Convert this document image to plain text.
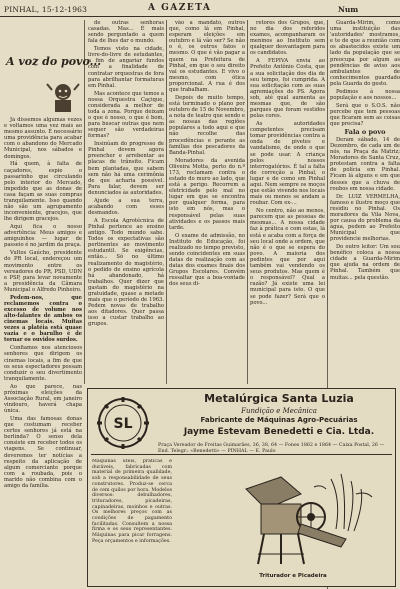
PINHAL, 15-12-1963	A GAZETA	Num
A voz do povo...

Já dissemos algumas vezes e voltamos uma vez mais ao mesmo assunto. É necessário uma providência para acabar com o abandono do Mercado Municipal, nos sábados e domingos.

Há quem, à falta de caçadores, espie o passarinho que circulando pelo interior do Mercado, impedido que as donas de casa façam as suas compras tranquilamente. Isso quando não são um agrupamento inconveniente, gracejos, que lhe dirigem gracejos.

Aqui fica o nosso advertência: Meus amigos e amiguinhos — lugar de passeio é no jardim da praça.

Vultos Gaúcho, presidente do PR local, endereçou um movimento entre os vereadores do PR, PSD, UDN e PSP, para levar novamente a presidência da Câmara Municipal o Alfredo Pinheiro.

Pedem-nos, que reclamemos contra o excesso de volume nos alto-falantes de ambos os cinemas locais. Muitas vezes a platéia está quase vazia e o barulho é de tornar os ouvidos surdos.

Confiamos nos atenciosos senhores que dirigem os cinemas locais, a fim de que os seus espectadores possam conduzir o seu divertimento tranquilamente.

Ao que parece, nas próximas eleições da Associação Rural, em janeiro vindouro, haverá chapa única.

Uma das famosas donas que costumam receber certos senhores já está na berlinda? O senso dela consiste em receber todos os viagens. Se continuar, deveremos ter notícias a respeito da aplicação de algum comerciante porque com a roubada, pois o marido não combina com o amigo da família.

de outras senhoras casadas. Mas... É mais sendo perguntado a quem fala de lhes dar o mundo.

Temos visto na cidade, livre-do-livre de estudantes, a fim de angariar fundos com a finalidade de contratar orquestras de fora para abrilhantar formaturas em Pinhal.

Mas acontece que temos a nossa Orquestra Caçique, considerada a melhor de toda a zona. Porque deixam o que é nosso, o que é bom, para buscar outras que nem sequer são verdadeiras formas?

Insinúam do progresso de Pinhal devem agora preencher e arrebentar as placas de trânsito. Ficam bem plantadas, que sabem sem não há uma cerimônia de que acharia possível. Para falar, devem ser denunciados às autoridades.

Ajude a sua terra, acabando com esses desmandos.

A Escola Agrotécnica de Pinhal pertence ao ensino antigo. Todo mundo sabe. Todos os expectativas são pertinentes ao movimento estudantil. Se exigências, então... Só no último realizamento do magistério, o pedido de ensino agrícola há abandonado, há trabalhos. Quer dizer que gastam do magistério na gratuidade, quase a metade mais que o período de 1963. Pedem novas de trabalho aos ditadores. Quer passa isso a custar trabalho ao grupos.

vão a mandato, outros que, como lá em Pinhal, esperam eleições em outubro e lá vão ser? Se não o é, os outros fatos o mesmo. O que é vão pagar a quem na Prefeitura de Pinhal, em que o seu direito vai os estudantes. E vivo o mesmo, com ótica proporcional. A rua é dos que trabalham.

Depois de muito tempo, está terminado o plano por outubro de 15 de Novembro, a nota de teatro que sendo e as nossas das regiões populares a todo aqui e que não recolhe das procedências e perante as famílias dos pescadores da Banda-Pinhal.

Moradores da avenida Oliveira Motta, perto do n.º 173, reclamam contra o estado do muro ao lado, que está a perigo. Recorrem a eletricidade pelo mal no lugar em que se encontra por qualquer forma, para isto em nós, mas o responsável pelas suas atividades e os passos mais tarde.

O exame de admissão, no Instituto de Educação, foi realizado no tempo previsto, sendo coincidentes em suas datas de realização com as datas dos exames finais dos Grupos Escolares. Convém ressaltar que a boa-vontade dos seus di-

retores dos Grupos, que, no dia dos referidos exames, acompanharam os meninos ao Instituto sem qualquer desvantagem para os candidatos.

A FEPIVA envia ao Prefeito Antônio Costa, que a sua solicitação dos dia de seu tempo, foi cumprida. A sua solicitação com as suas agremiações do PS. Agora sob, até qual aumenta as mesmas que, de são parques que foram vestidos pelas cores.

As autoridades competentes precisam tomar providências contra a onda de pivetes e vandalismo, de onde o que se pode usar. A criança pelos nossos interrogatórios. É tal a falta de correção a Pinhal, o lugar e de como em Pinhal aqui. Nem sempre os moços que estão vivendo nos locais mais ou menos se andam a roubar. Com ex-...

No centro, não ao menos, parecem que as pessoas de mesmas... A nossa cidade faz à prática e com estas, lá está e acaba com a força de seu local onde a ordem, que não é o que se espera do povo. A maioria dos pedintes que por aqui também vai vendendo os seus produtos. Mas quem é o responsável? Qual a razão? Já existe uma lei municipal para isto. O que se pode fazer? Será que o povo...

Guarda-Mirim, como uma instituição das 'autoridades' mostramos, e te de que a reunião com os abastecidos existe um lado da população que se preocupa por algum as pendências de aviso aos ambulantes de conhecimentos guardado pela Guarda do gesto.

Pedimos à nossa população e aos nossos...

Será que o S.O.S. não percebe que tem pessoas que ficaram sem as coisas que precisa?

Fala o povo

Deram sábado, 14 de Dezembro, de cada um de nós, na Praça da Matriz; Moradores de Santa Cruz, protestam contra a falta de polícia em Pinhal. Ficam lá alguns e em que desses que a chuva de roubos em nossa cidade.

Dr. LUIZ VERMELHA, famoso e ilustre moço que residiu no Pinhal. Os moradores da Vila Nova, por causa do problema da água, pedem ao Prefeito Municipal que providencie melhorias.

Do outro leitor: Um sou benéfico coloca a nossa cidade a Guarda-Mirim que ajuda na ordem de Pinhal. Também que muitas... pela questão.

SL
Metalúrgica Santa Luzia
Fundição e Mecânica
Fabricante de Máquinas Agro-Pecuárias
Jayme Estevam Benedetti e Cia. Ltda.
Praça Vereador de Freitas Guimarães, 36, 38, 64 — Fones 1862 e 1864 — Caixa Postal, 26 — End. Telegr.: «Benedetti» — PINHAL — E. Paulo
Máquinas úteis, práticas e duráveis, fabricadas com material de primeira qualidade, sob a responsabilidade de seus construtores. Produz-se cerca de cem quilos por hora. Modelos diversos: debulhadores, trituradores, picadeiras, capinadeiras, moinhos e outras. Os melhores preços com as condições de pagamento facilitadas. Consultem a nossa firma e os seus representantes. Máquinas para picar forragens. Peça orçamentos e informações.
Triturador e Picadeira
